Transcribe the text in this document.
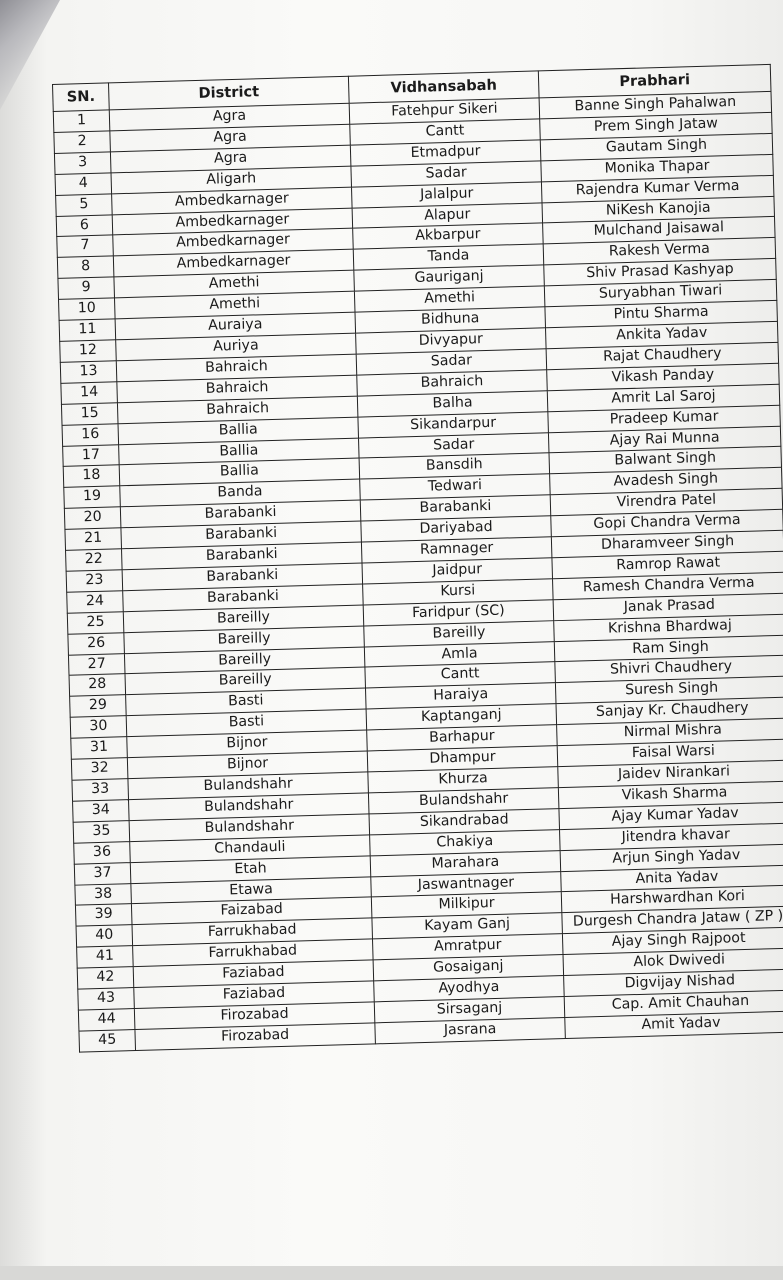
SN.	District	Vidhansabah	Prabhari
1	Agra	Fatehpur Sikeri	Banne Singh Pahalwan
2	Agra	Cantt	Prem Singh Jataw
3	Agra	Etmadpur	Gautam Singh
4	Aligarh	Sadar	Monika Thapar
5	Ambedkarnager	Jalalpur	Rajendra Kumar Verma
6	Ambedkarnager	Alapur	NiKesh Kanojia
7	Ambedkarnager	Akbarpur	Mulchand Jaisawal
8	Ambedkarnager	Tanda	Rakesh Verma
9	Amethi	Gauriganj	Shiv Prasad Kashyap
10	Amethi	Amethi	Suryabhan Tiwari
11	Auraiya	Bidhuna	Pintu Sharma
12	Auriya	Divyapur	Ankita Yadav
13	Bahraich	Sadar	Rajat Chaudhery
14	Bahraich	Bahraich	Vikash Panday
15	Bahraich	Balha	Amrit Lal Saroj
16	Ballia	Sikandarpur	Pradeep Kumar
17	Ballia	Sadar	Ajay Rai Munna
18	Ballia	Bansdih	Balwant Singh
19	Banda	Tedwari	Avadesh Singh
20	Barabanki	Barabanki	Virendra Patel
21	Barabanki	Dariyabad	Gopi Chandra Verma
22	Barabanki	Ramnager	Dharamveer Singh
23	Barabanki	Jaidpur	Ramrop Rawat
24	Barabanki	Kursi	Ramesh Chandra Verma
25	Bareilly	Faridpur (SC)	Janak Prasad
26	Bareilly	Bareilly	Krishna Bhardwaj
27	Bareilly	Amla	Ram Singh
28	Bareilly	Cantt	Shivri Chaudhery
29	Basti	Haraiya	Suresh Singh
30	Basti	Kaptanganj	Sanjay Kr. Chaudhery
31	Bijnor	Barhapur	Nirmal Mishra
32	Bijnor	Dhampur	Faisal Warsi
33	Bulandshahr	Khurza	Jaidev Nirankari
34	Bulandshahr	Bulandshahr	Vikash Sharma
35	Bulandshahr	Sikandrabad	Ajay Kumar Yadav
36	Chandauli	Chakiya	Jitendra khavar
37	Etah	Marahara	Arjun Singh Yadav
38	Etawa	Jaswantnager	Anita Yadav
39	Faizabad	Milkipur	Harshwardhan Kori
40	Farrukhabad	Kayam Ganj	Durgesh Chandra Jataw ( ZP )
41	Farrukhabad	Amratpur	Ajay Singh Rajpoot
42	Faziabad	Gosaiganj	Alok Dwivedi
43	Faziabad	Ayodhya	Digvijay Nishad
44	Firozabad	Sirsaganj	Cap. Amit Chauhan
45	Firozabad	Jasrana	Amit Yadav
